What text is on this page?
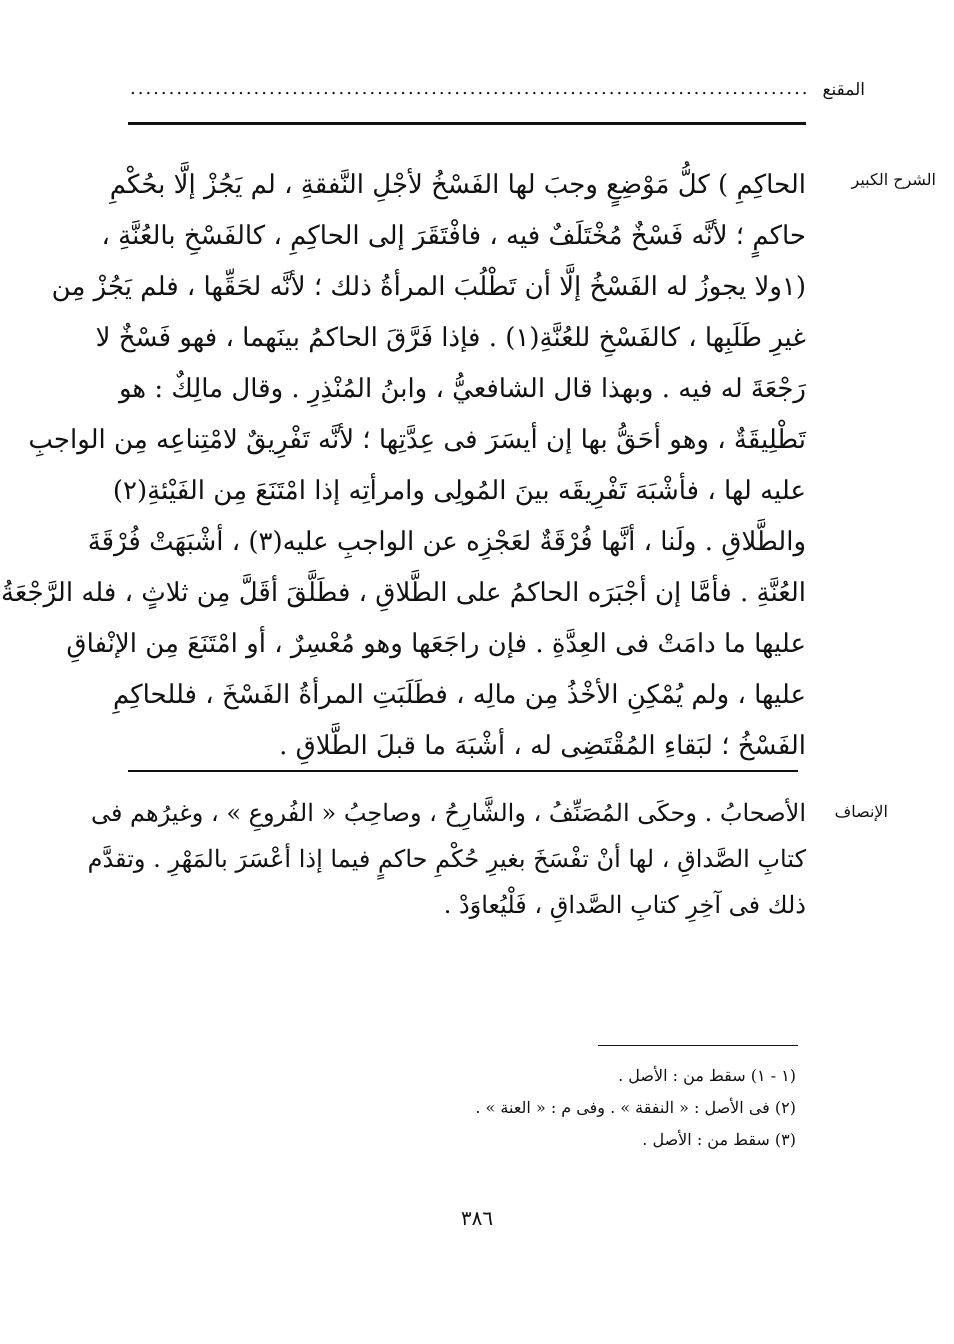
المقنع
........................................................................................
الشرح الكبير
الحاكِمِ ) كلُّ مَوْضِعٍ وجبَ لها الفَسْخُ لأجْلِ النَّفقةِ ، لم يَجُزْ إلَّا بحُكْمِ
حاكمٍ ؛ لأنَّه فَسْخٌ مُخْتَلَفٌ فيه ، فافْتَقَرَ إلى الحاكِمِ ، كالفَسْخِ بالعُنَّةِ ،
(١ولا يجوزُ له الفَسْخُ إلَّا أن تَطْلُبَ المرأةُ ذلك ؛ لأنَّه لحَقِّها ، فلم يَجُزْ مِن
غيرِ طَلَبِها ، كالفَسْخِ للعُنَّةِ(١) . فإذا فَرَّقَ الحاكمُ بينَهما ، فهو فَسْخٌ لا
رَجْعَةَ له فيه . وبهذا قال الشافعيُّ ، وابنُ المُنْذِرِ . وقال مالِكٌ : هو
تَطْلِيقَةٌ ، وهو أحَقُّ بها إن أيسَرَ فى عِدَّتِها ؛ لأنَّه تَفْرِيقٌ لامْتِناعِه مِن الواجبِ
عليه لها ، فأشْبَهَ تَفْرِيقَه بينَ المُولِى وامرأتِه إذا امْتَنَعَ مِن الفَيْئةِ(٢)
والطَّلاقِ . ولَنا ، أنَّها فُرْقَةٌ لعَجْزِه عن الواجبِ عليه(٣) ، أشْبَهَتْ فُرْقَةَ
العُنَّةِ . فأمَّا إن أجْبَرَه الحاكمُ على الطَّلاقِ ، فطَلَّقَ أقَلَّ مِن ثلاثٍ ، فله الرَّجْعَةُ
عليها ما دامَتْ فى العِدَّةِ . فإن راجَعَها وهو مُعْسِرٌ ، أو امْتَنَعَ مِن الإنْفاقِ
عليها ، ولم يُمْكِنِ الأخْذُ مِن مالِه ، فطَلَبَتِ المرأةُ الفَسْخَ ، فللحاكِمِ
الفَسْخُ ؛ لبَقاءِ المُقْتَضِى له ، أشْبَهَ ما قبلَ الطَّلاقِ .
الإنصاف
الأصحابُ . وحكَى المُصَنِّفُ ، والشَّارِحُ ، وصاحِبُ « الفُروعِ » ، وغيرُهم فى
كتابِ الصَّداقِ ، لها أنْ تفْسَخَ بغيرِ حُكْمِ حاكمٍ فيما إذا أعْسَرَ بالمَهْرِ . وتقدَّم
ذلك فى آخِرِ كتابِ الصَّداقِ ، فَلْيُعاوَدْ .
(١ - ١) سقط من : الأصل .
(٢) فى الأصل : « النفقة » . وفى م : « العنة » .
(٣) سقط من : الأصل .
٣٨٦
